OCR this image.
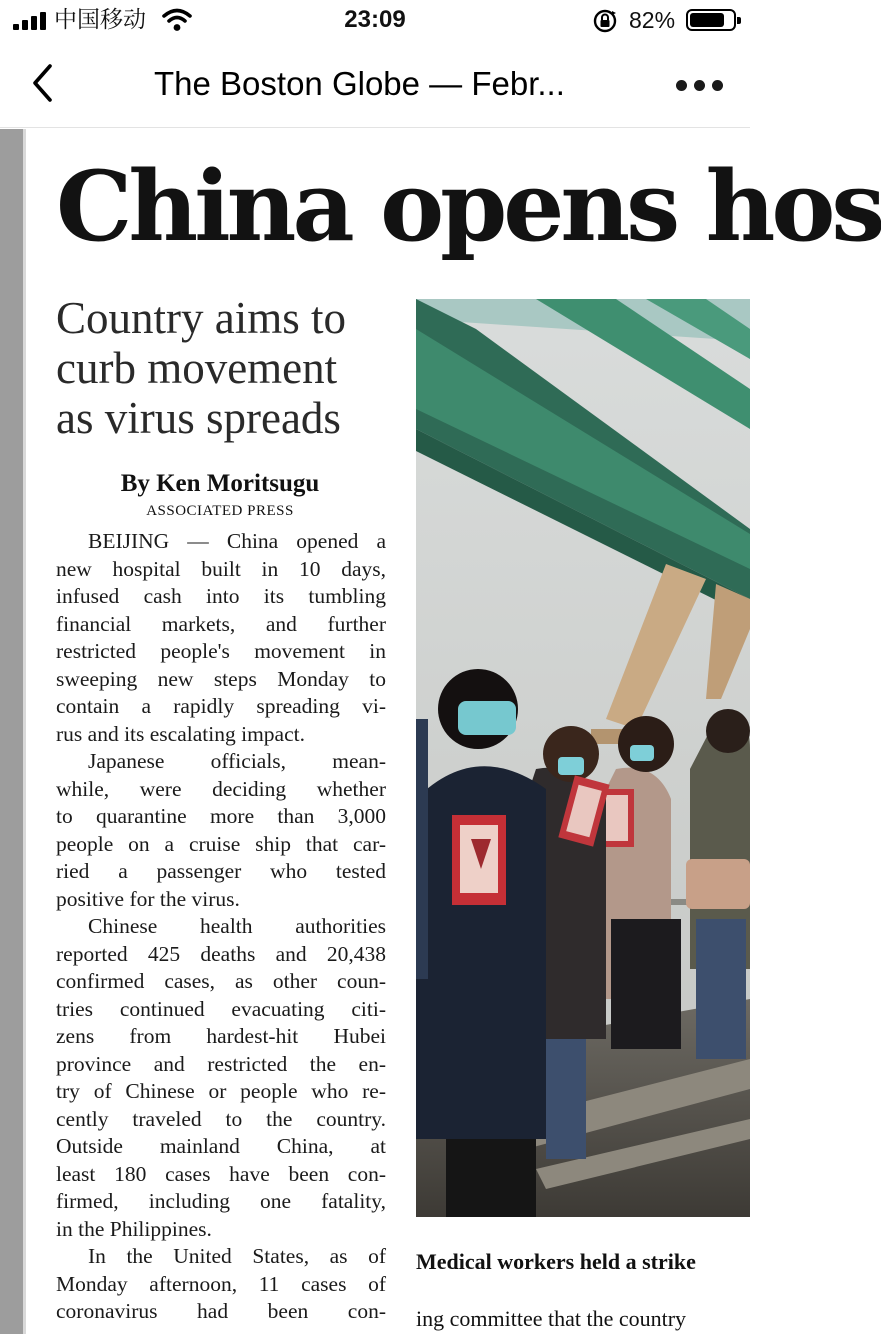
中国移动	23:09	82%
The Boston Globe — Febr...
China opens hos
Country aims to
curb movement
as virus spreads
By Ken Moritsugu
ASSOCIATED PRESS
BEIJING — China opened a
new hospital built in 10 days,
infused cash into its tumbling
financial markets, and further
restricted people's movement in
sweeping new steps Monday to
contain a rapidly spreading vi-
rus and its escalating impact.
Japanese officials, mean-
while, were deciding whether
to quarantine more than 3,000
people on a cruise ship that car-
ried a passenger who tested
positive for the virus.
Chinese health authorities
reported 425 deaths and 20,438
confirmed cases, as other coun-
tries continued evacuating citi-
zens from hardest-hit Hubei
province and restricted the en-
try of Chinese or people who re-
cently traveled to the country.
Outside mainland China, at
least 180 cases have been con-
firmed, including one fatality,
in the Philippines.
In the United States, as of
Monday afternoon, 11 cases of
coronavirus had been con-
Medical workers held a strike
ing committee that the country
